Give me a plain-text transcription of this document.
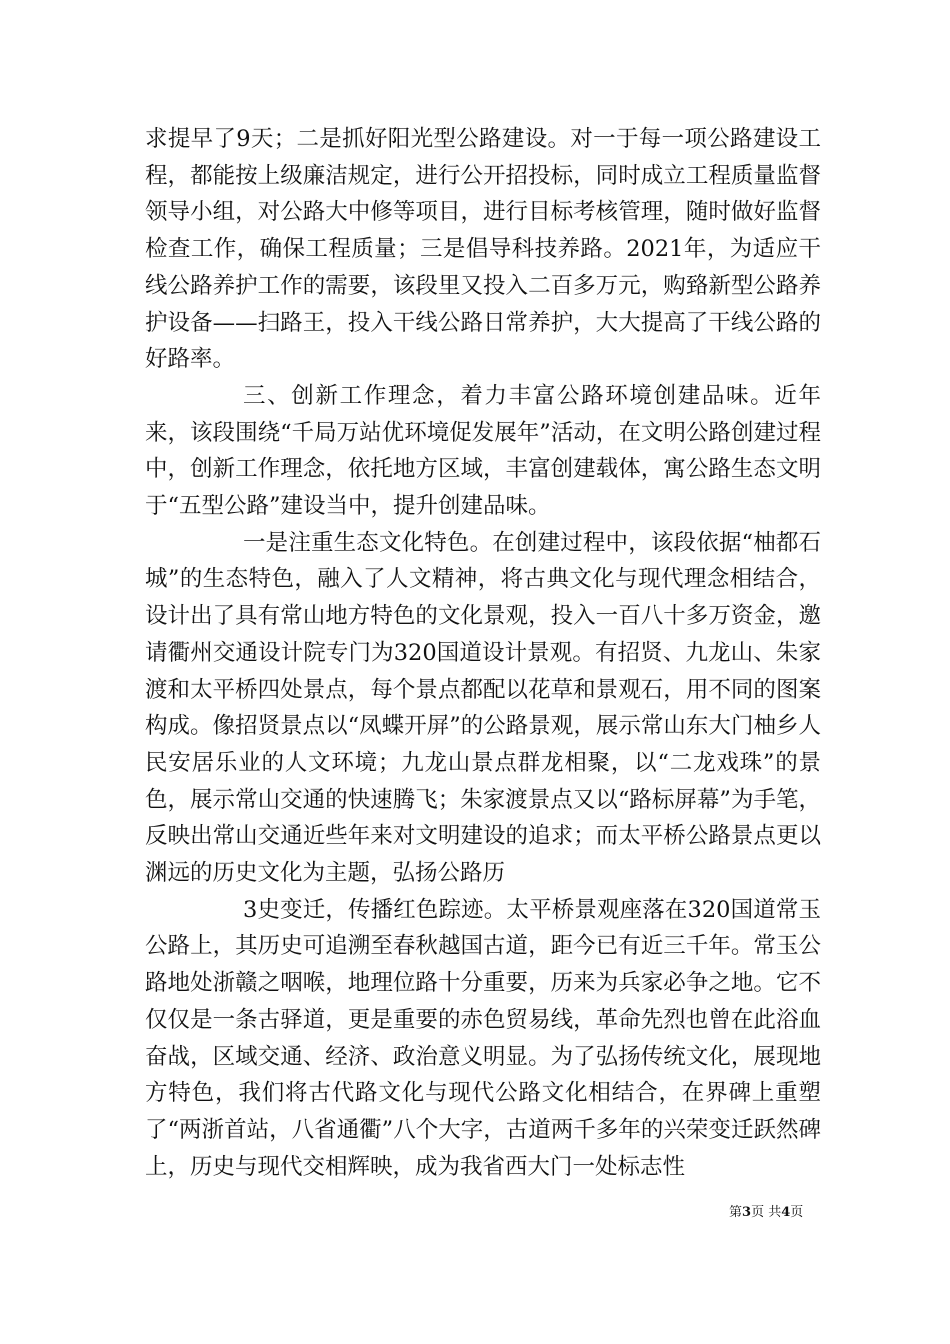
求提早了9天；二是抓好阳光型公路建设。对一于每一项公路建设工程，都能按上级廉洁规定，进行公开招投标，同时成立工程质量监督领导小组，对公路大中修等项目，进行目标考核管理，随时做好监督检查工作，确保工程质量；三是倡导科技养路。2021年，为适应干线公路养护工作的需要，该段里又投入二百多万元，购臵新型公路养护设备——扫路王，投入干线公路日常养护，大大提高了干线公路的好路率。

三、创新工作理念，着力丰富公路环境创建品味。近年来，该段围绕“千局万站优环境促发展年”活动，在文明公路创建过程中，创新工作理念，依托地方区域，丰富创建载体，寓公路生态文明于“五型公路”建设当中，提升创建品味。

一是注重生态文化特色。在创建过程中，该段依据“柚都石城”的生态特色，融入了人文精神，将古典文化与现代理念相结合，设计出了具有常山地方特色的文化景观，投入一百八十多万资金，邀请衢州交通设计院专门为320国道设计景观。有招贤、九龙山、朱家渡和太平桥四处景点，每个景点都配以花草和景观石，用不同的图案构成。像招贤景点以“凤蝶开屏”的公路景观，展示常山东大门柚乡人民安居乐业的人文环境；九龙山景点群龙相聚，以“二龙戏珠”的景色，展示常山交通的快速腾飞；朱家渡景点又以“路标屏幕”为手笔，反映出常山交通近些年来对文明建设的追求；而太平桥公路景点更以渊远的历史文化为主题，弘扬公路历

3史变迁，传播红色踪迹。太平桥景观座落在320国道常玉公路上，其历史可追溯至春秋越国古道，距今已有近三千年。常玉公路地处浙赣之咽喉，地理位路十分重要，历来为兵家必争之地。它不仅仅是一条古驿道，更是重要的赤色贸易线，革命先烈也曾在此浴血奋战，区域交通、经济、政治意义明显。为了弘扬传统文化，展现地方特色，我们将古代路文化与现代公路文化相结合，在界碑上重塑了“两浙首站，八省通衢”八个大字，古道两千多年的兴荣变迁跃然碑上，历史与现代交相辉映，成为我省西大门一处标志性

第3页 共4页
